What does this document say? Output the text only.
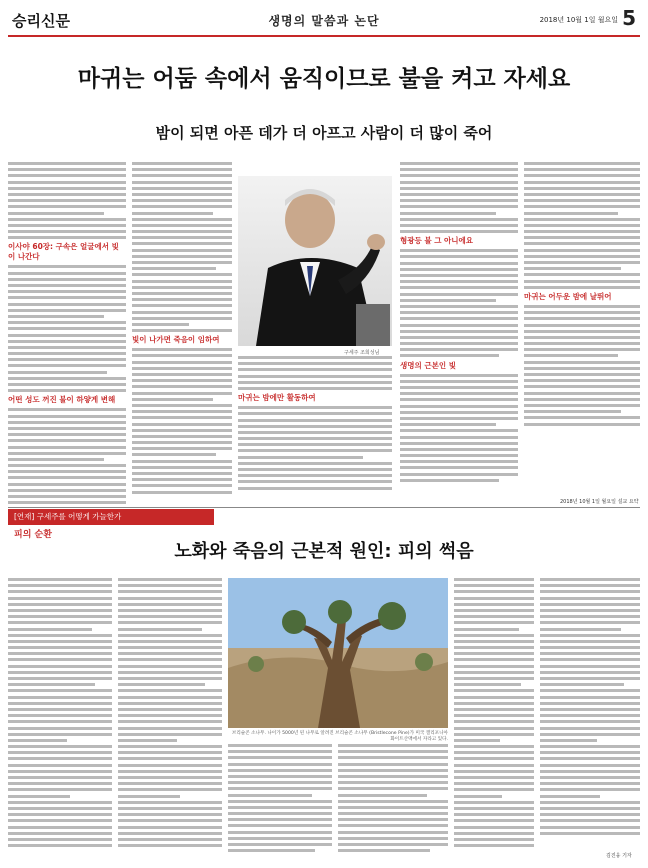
승리신문	생명의 말씀과 논단	2018년 10월 1일 월요일 5
마귀는 어둠 속에서 움직이므로 불을 켜고 자세요
밤이 되면 아픈 데가 더 아프고 사람이 더 많이 죽어
이사야 60장: 구속은 얼굴에서 빛이 나간다
어떤 성도 꺼진 불이 하얗게 변해
빛이 나가면 죽음이 임하여
구세주 조희성님
마귀는 밤에만 활동하여
형광등 불 그 아니에요
생명의 근본인 빛
마귀는 어두운 밤에 날뛰어
2018년 10월 1일 월요일 설교 요약
[연재] 구세주를 어떻게 가늘한가
피의 순환
노화와 죽음의 근본적 원인: 피의 썩음
브리슬콘 소나무. 나이가 5000년 된 나무로 알려진 브리슬콘 소나무 (Bristlecone Pine)가 미국 캘리포니아 화이트산맥에서 자라고 있다.
김진웅 기자
